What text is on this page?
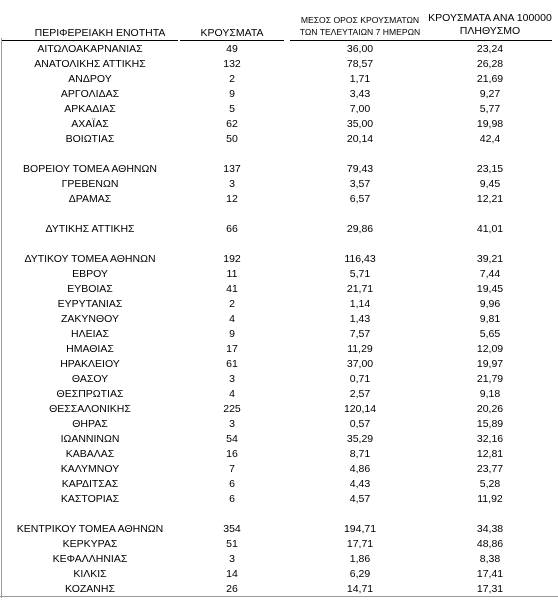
ΠΕΡΙΦΕΡΕΙΑΚΗ ΕΝΟΤΗΤΑ	ΚΡΟΥΣΜΑΤΑ
ΜΕΣΟΣ ΟΡΟΣ ΚΡΟΥΣΜΑΤΩΝ
ΤΩΝ ΤΕΛΕΥΤΑΙΩΝ 7 ΗΜΕΡΩΝ
ΚΡΟΥΣΜΑΤΑ ΑΝΑ 100000
ΠΛΗΘΥΣΜΟ
ΑΙΤΩΛΟΑΚΑΡΝΑΝΙΑΣ	49	36,00	23,24
ΑΝΑΤΟΛΙΚΗΣ ΑΤΤΙΚΗΣ	132	78,57	26,28
ΑΝΔΡΟΥ	2	1,71	21,69
ΑΡΓΟΛΙΔΑΣ	9	3,43	9,27
ΑΡΚΑΔΙΑΣ	5	7,00	5,77
ΑΧΑΪΑΣ	62	35,00	19,98
ΒΟΙΩΤΙΑΣ	50	20,14	42,4
ΒΟΡΕΙΟΥ ΤΟΜΕΑ ΑΘΗΝΩΝ	137	79,43	23,15
ΓΡΕΒΕΝΩΝ	3	3,57	9,45
ΔΡΑΜΑΣ	12	6,57	12,21
ΔΥΤΙΚΗΣ ΑΤΤΙΚΗΣ	66	29,86	41,01
ΔΥΤΙΚΟΥ ΤΟΜΕΑ ΑΘΗΝΩΝ	192	116,43	39,21
ΕΒΡΟΥ	11	5,71	7,44
ΕΥΒΟΙΑΣ	41	21,71	19,45
ΕΥΡΥΤΑΝΙΑΣ	2	1,14	9,96
ΖΑΚΥΝΘΟΥ	4	1,43	9,81
ΗΛΕΙΑΣ	9	7,57	5,65
ΗΜΑΘΙΑΣ	17	11,29	12,09
ΗΡΑΚΛΕΙΟΥ	61	37,00	19,97
ΘΑΣΟΥ	3	0,71	21,79
ΘΕΣΠΡΩΤΙΑΣ	4	2,57	9,18
ΘΕΣΣΑΛΟΝΙΚΗΣ	225	120,14	20,26
ΘΗΡΑΣ	3	0,57	15,89
ΙΩΑΝΝΙΝΩΝ	54	35,29	32,16
ΚΑΒΑΛΑΣ	16	8,71	12,81
ΚΑΛΥΜΝΟΥ	7	4,86	23,77
ΚΑΡΔΙΤΣΑΣ	6	4,43	5,28
ΚΑΣΤΟΡΙΑΣ	6	4,57	11,92
ΚΕΝΤΡΙΚΟΥ ΤΟΜΕΑ ΑΘΗΝΩΝ	354	194,71	34,38
ΚΕΡΚΥΡΑΣ	51	17,71	48,86
ΚΕΦΑΛΛΗΝΙΑΣ	3	1,86	8,38
ΚΙΛΚΙΣ	14	6,29	17,41
ΚΟΖΑΝΗΣ	26	14,71	17,31
